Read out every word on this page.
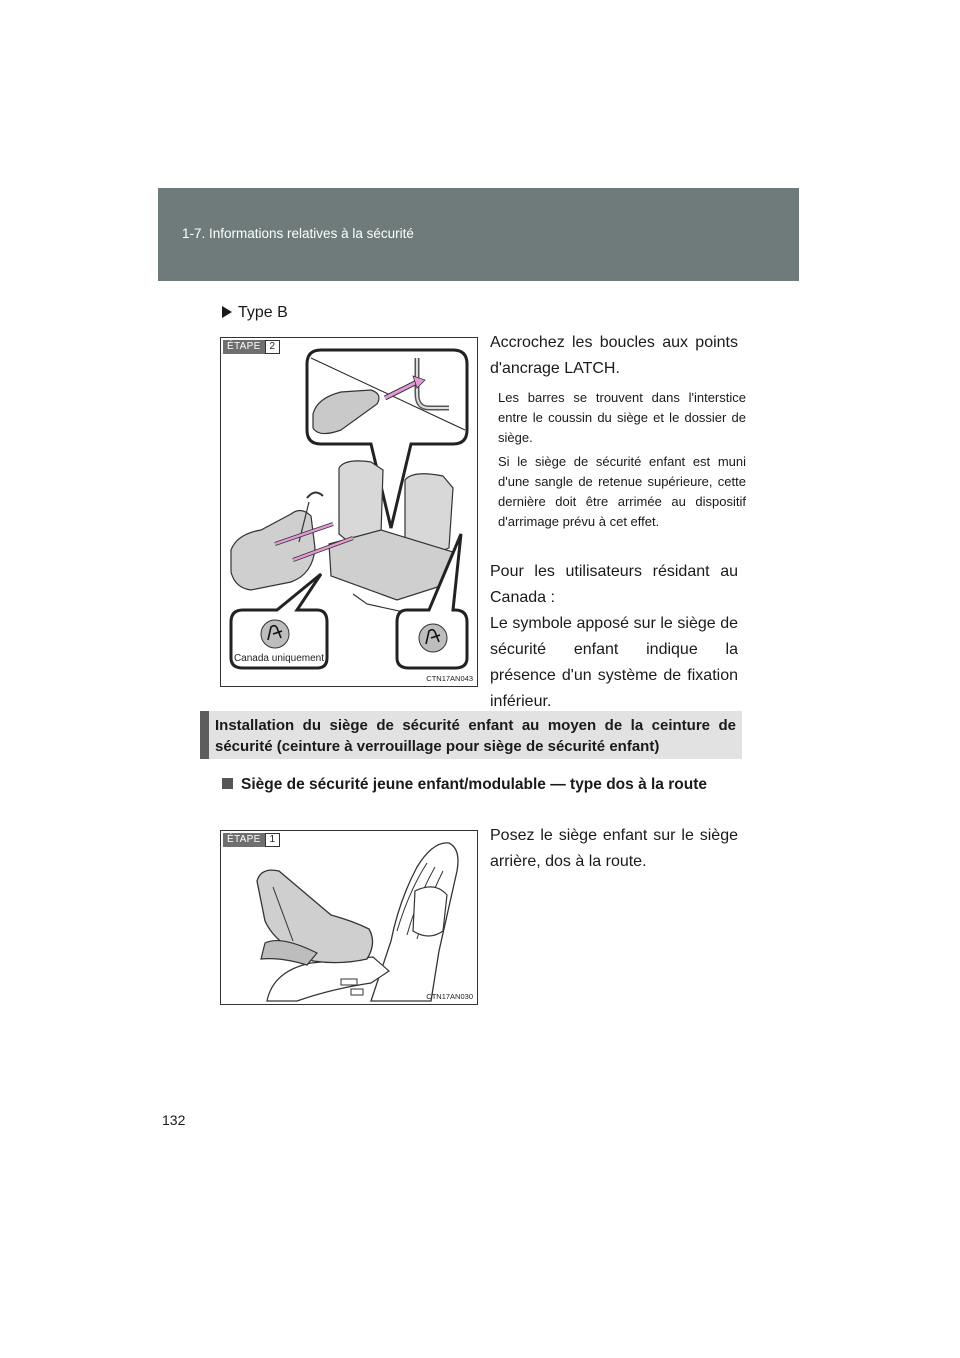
1-7. Informations relatives à la sécurité
Type B
Canada uniquement
ÉTAPE 2
CTN17AN043

Accrochez les boucles aux points d'ancrage LATCH.

Les barres se trouvent dans l'interstice entre le coussin du siège et le dossier de siège.

Si le siège de sécurité enfant est muni d'une sangle de retenue supérieure, cette dernière doit être arrimée au dispositif d'arrimage prévu à cet effet.

Pour les utilisateurs résidant au Canada :

Le symbole apposé sur le siège de sécurité enfant indique la présence d'un système de fixation inférieur.

Installation du siège de sécurité enfant au moyen de la ceinture de sécurité (ceinture à verrouillage pour siège de sécurité enfant)
Siège de sécurité jeune enfant/modulable — type dos à la route
ÉTAPE 1
CTN17AN030

Posez le siège enfant sur le siège arrière, dos à la route.

132
